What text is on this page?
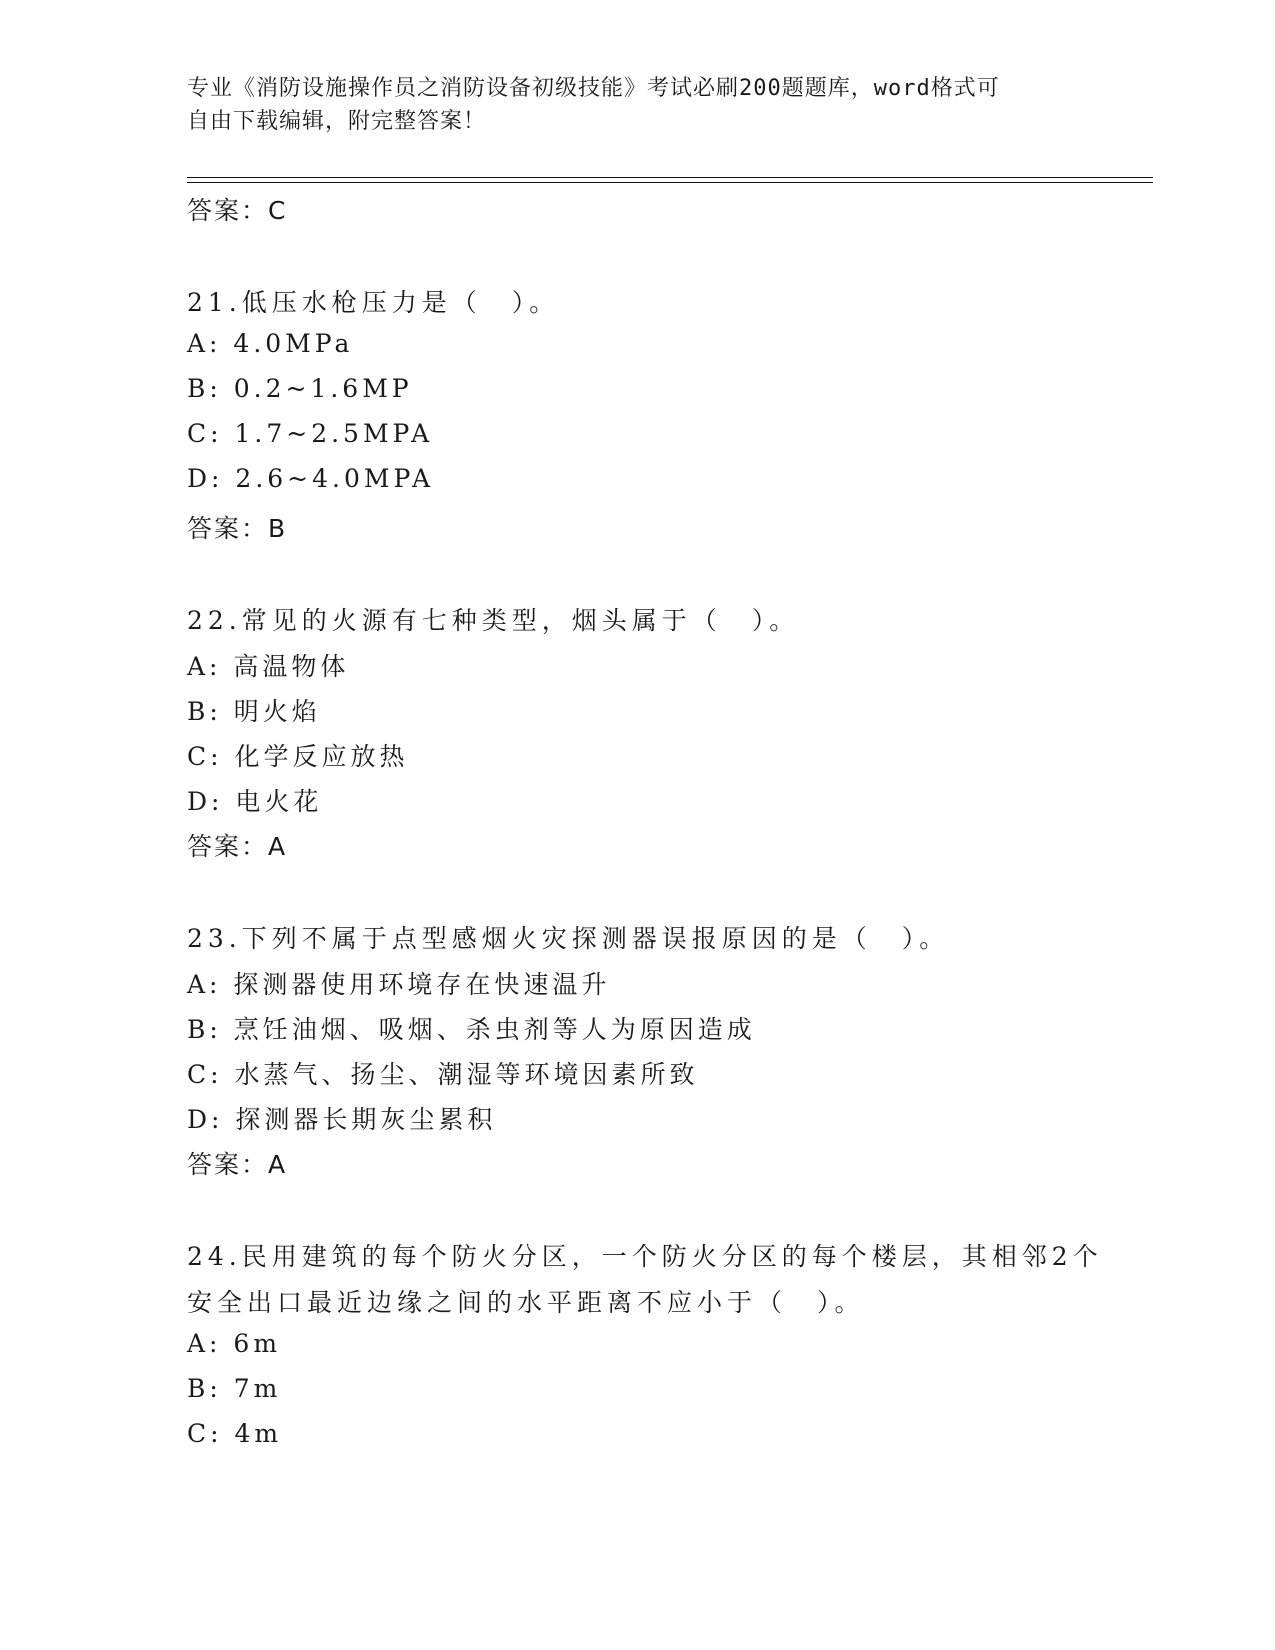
专业《消防设施操作员之消防设备初级技能》考试必刷200题题库，word格式可
自由下载编辑，附完整答案！
答案：C
21.低压水枪压力是（　）。
A: 4.0MPa
B: 0.2~1.6MP
C: 1.7~2.5MPA
D: 2.6~4.0MPA
答案：B
22.常见的火源有七种类型，烟头属于（　）。
A: 高温物体
B: 明火焰
C: 化学反应放热
D: 电火花
答案：A
23.下列不属于点型感烟火灾探测器误报原因的是（　）。
A: 探测器使用环境存在快速温升
B: 烹饪油烟、吸烟、杀虫剂等人为原因造成
C: 水蒸气、扬尘、潮湿等环境因素所致
D: 探测器长期灰尘累积
答案：A
24.民用建筑的每个防火分区，一个防火分区的每个楼层，其相邻2个
安全出口最近边缘之间的水平距离不应小于（　）。
A: 6m
B: 7m
C: 4m
